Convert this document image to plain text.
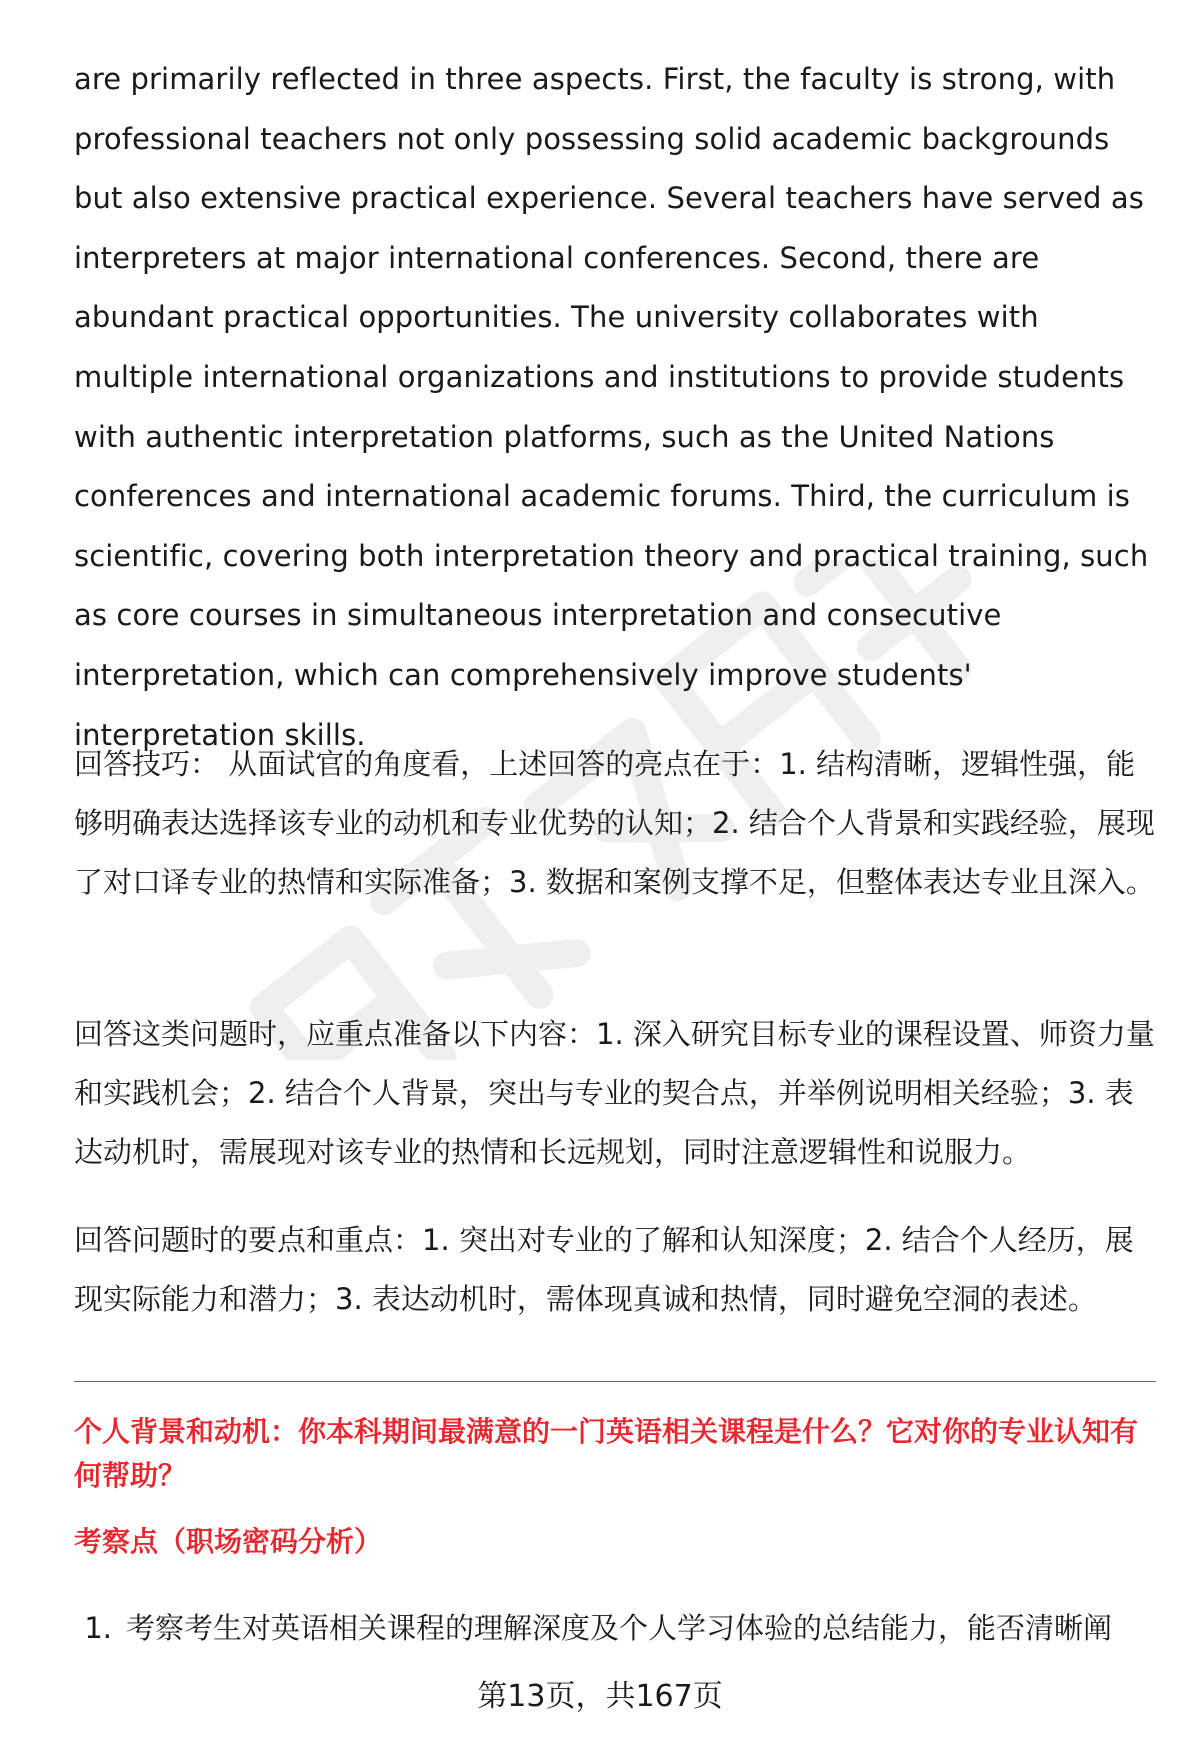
are primarily reflected in three aspects. First, the faculty is strong, with professional teachers not only possessing solid academic backgrounds but also extensive practical experience. Several teachers have served as interpreters at major international conferences. Second, there are abundant practical opportunities. The university collaborates with multiple international organizations and institutions to provide students with authentic interpretation platforms, such as the United Nations conferences and international academic forums. Third, the curriculum is scientific, covering both interpretation theory and practical training, such as core courses in simultaneous interpretation and consecutive interpretation, which can comprehensively improve students' interpretation skills.

回答技巧： 从面试官的角度看，上述回答的亮点在于：1. 结构清晰，逻辑性强，能够明确表达选择该专业的动机和专业优势的认知；2. 结合个人背景和实践经验，展现了对口译专业的热情和实际准备；3. 数据和案例支撑不足，但整体表达专业且深入。

回答这类问题时，应重点准备以下内容：1. 深入研究目标专业的课程设置、师资力量和实践机会；2. 结合个人背景，突出与专业的契合点，并举例说明相关经验；3. 表达动机时，需展现对该专业的热情和长远规划，同时注意逻辑性和说服力。

回答问题时的要点和重点：1. 突出对专业的了解和认知深度；2. 结合个人经历，展现实际能力和潜力；3. 表达动机时，需体现真诚和热情，同时避免空洞的表述。

个人背景和动机：你本科期间最满意的一门英语相关课程是什么？它对你的专业认知有何帮助？
考察点（职场密码分析）
1. 考察考生对英语相关课程的理解深度及个人学习体验的总结能力，能否清晰阐
第13页，共167页
